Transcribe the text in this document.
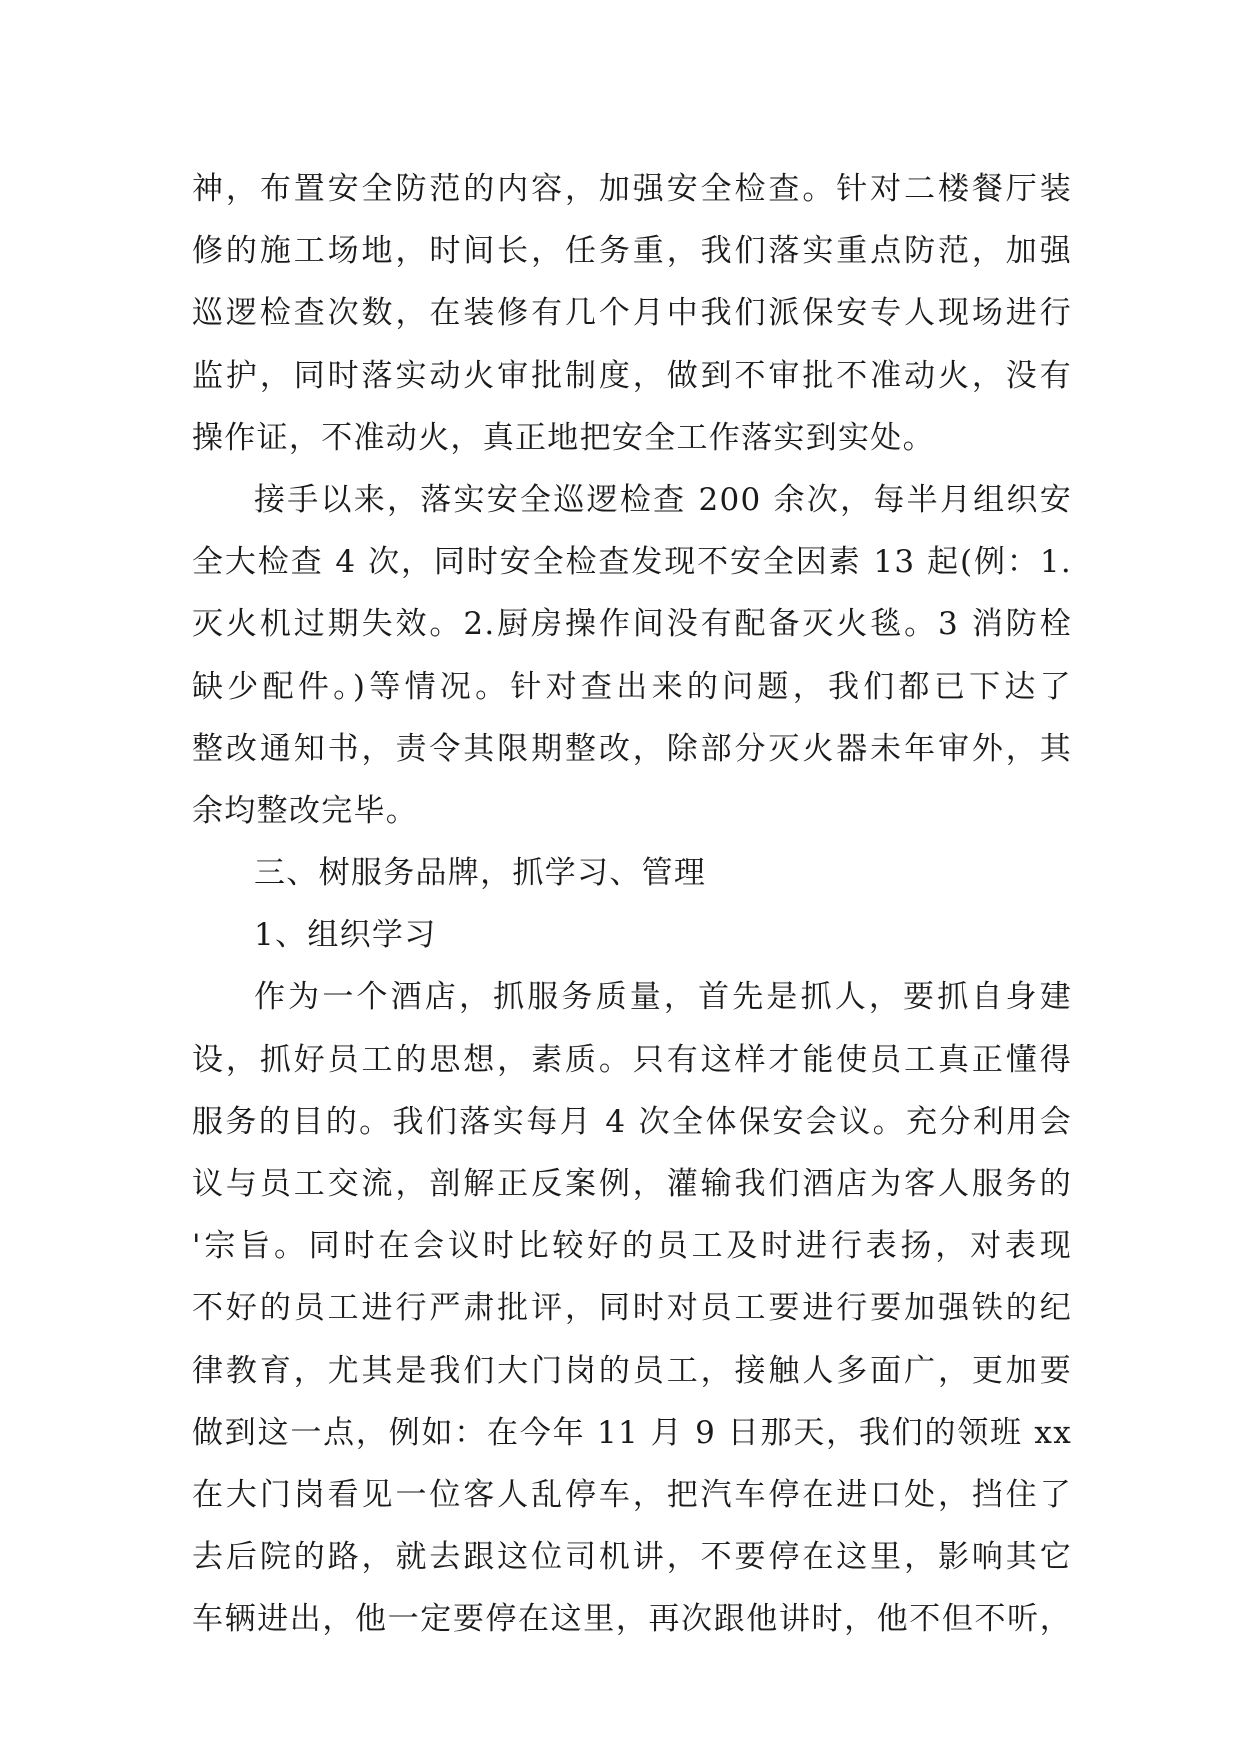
神，布置安全防范的内容，加强安全检查。针对二楼餐厅装
修的施工场地，时间长，任务重，我们落实重点防范，加强
巡逻检查次数，在装修有几个月中我们派保安专人现场进行
监护，同时落实动火审批制度，做到不审批不准动火，没有
操作证，不准动火，真正地把安全工作落实到实处。
接手以来，落实安全巡逻检查 200 余次，每半月组织安
全大检查 4 次，同时安全检查发现不安全因素 13 起(例：1.
灭火机过期失效。2.厨房操作间没有配备灭火毯。3 消防栓
缺少配件。)等情况。针对查出来的问题，我们都已下达了
整改通知书，责令其限期整改，除部分灭火器未年审外，其
余均整改完毕。
三、树服务品牌，抓学习、管理
1、组织学习
作为一个酒店，抓服务质量，首先是抓人，要抓自身建
设，抓好员工的思想，素质。只有这样才能使员工真正懂得
服务的目的。我们落实每月 4 次全体保安会议。充分利用会
议与员工交流，剖解正反案例，灌输我们酒店为客人服务的
'宗旨。同时在会议时比较好的员工及时进行表扬，对表现
不好的员工进行严肃批评，同时对员工要进行要加强铁的纪
律教育，尤其是我们大门岗的员工，接触人多面广，更加要
做到这一点，例如：在今年 11 月 9 日那天，我们的领班 xx
在大门岗看见一位客人乱停车，把汽车停在进口处，挡住了
去后院的路，就去跟这位司机讲，不要停在这里，影响其它
车辆进出，他一定要停在这里，再次跟他讲时，他不但不听，
